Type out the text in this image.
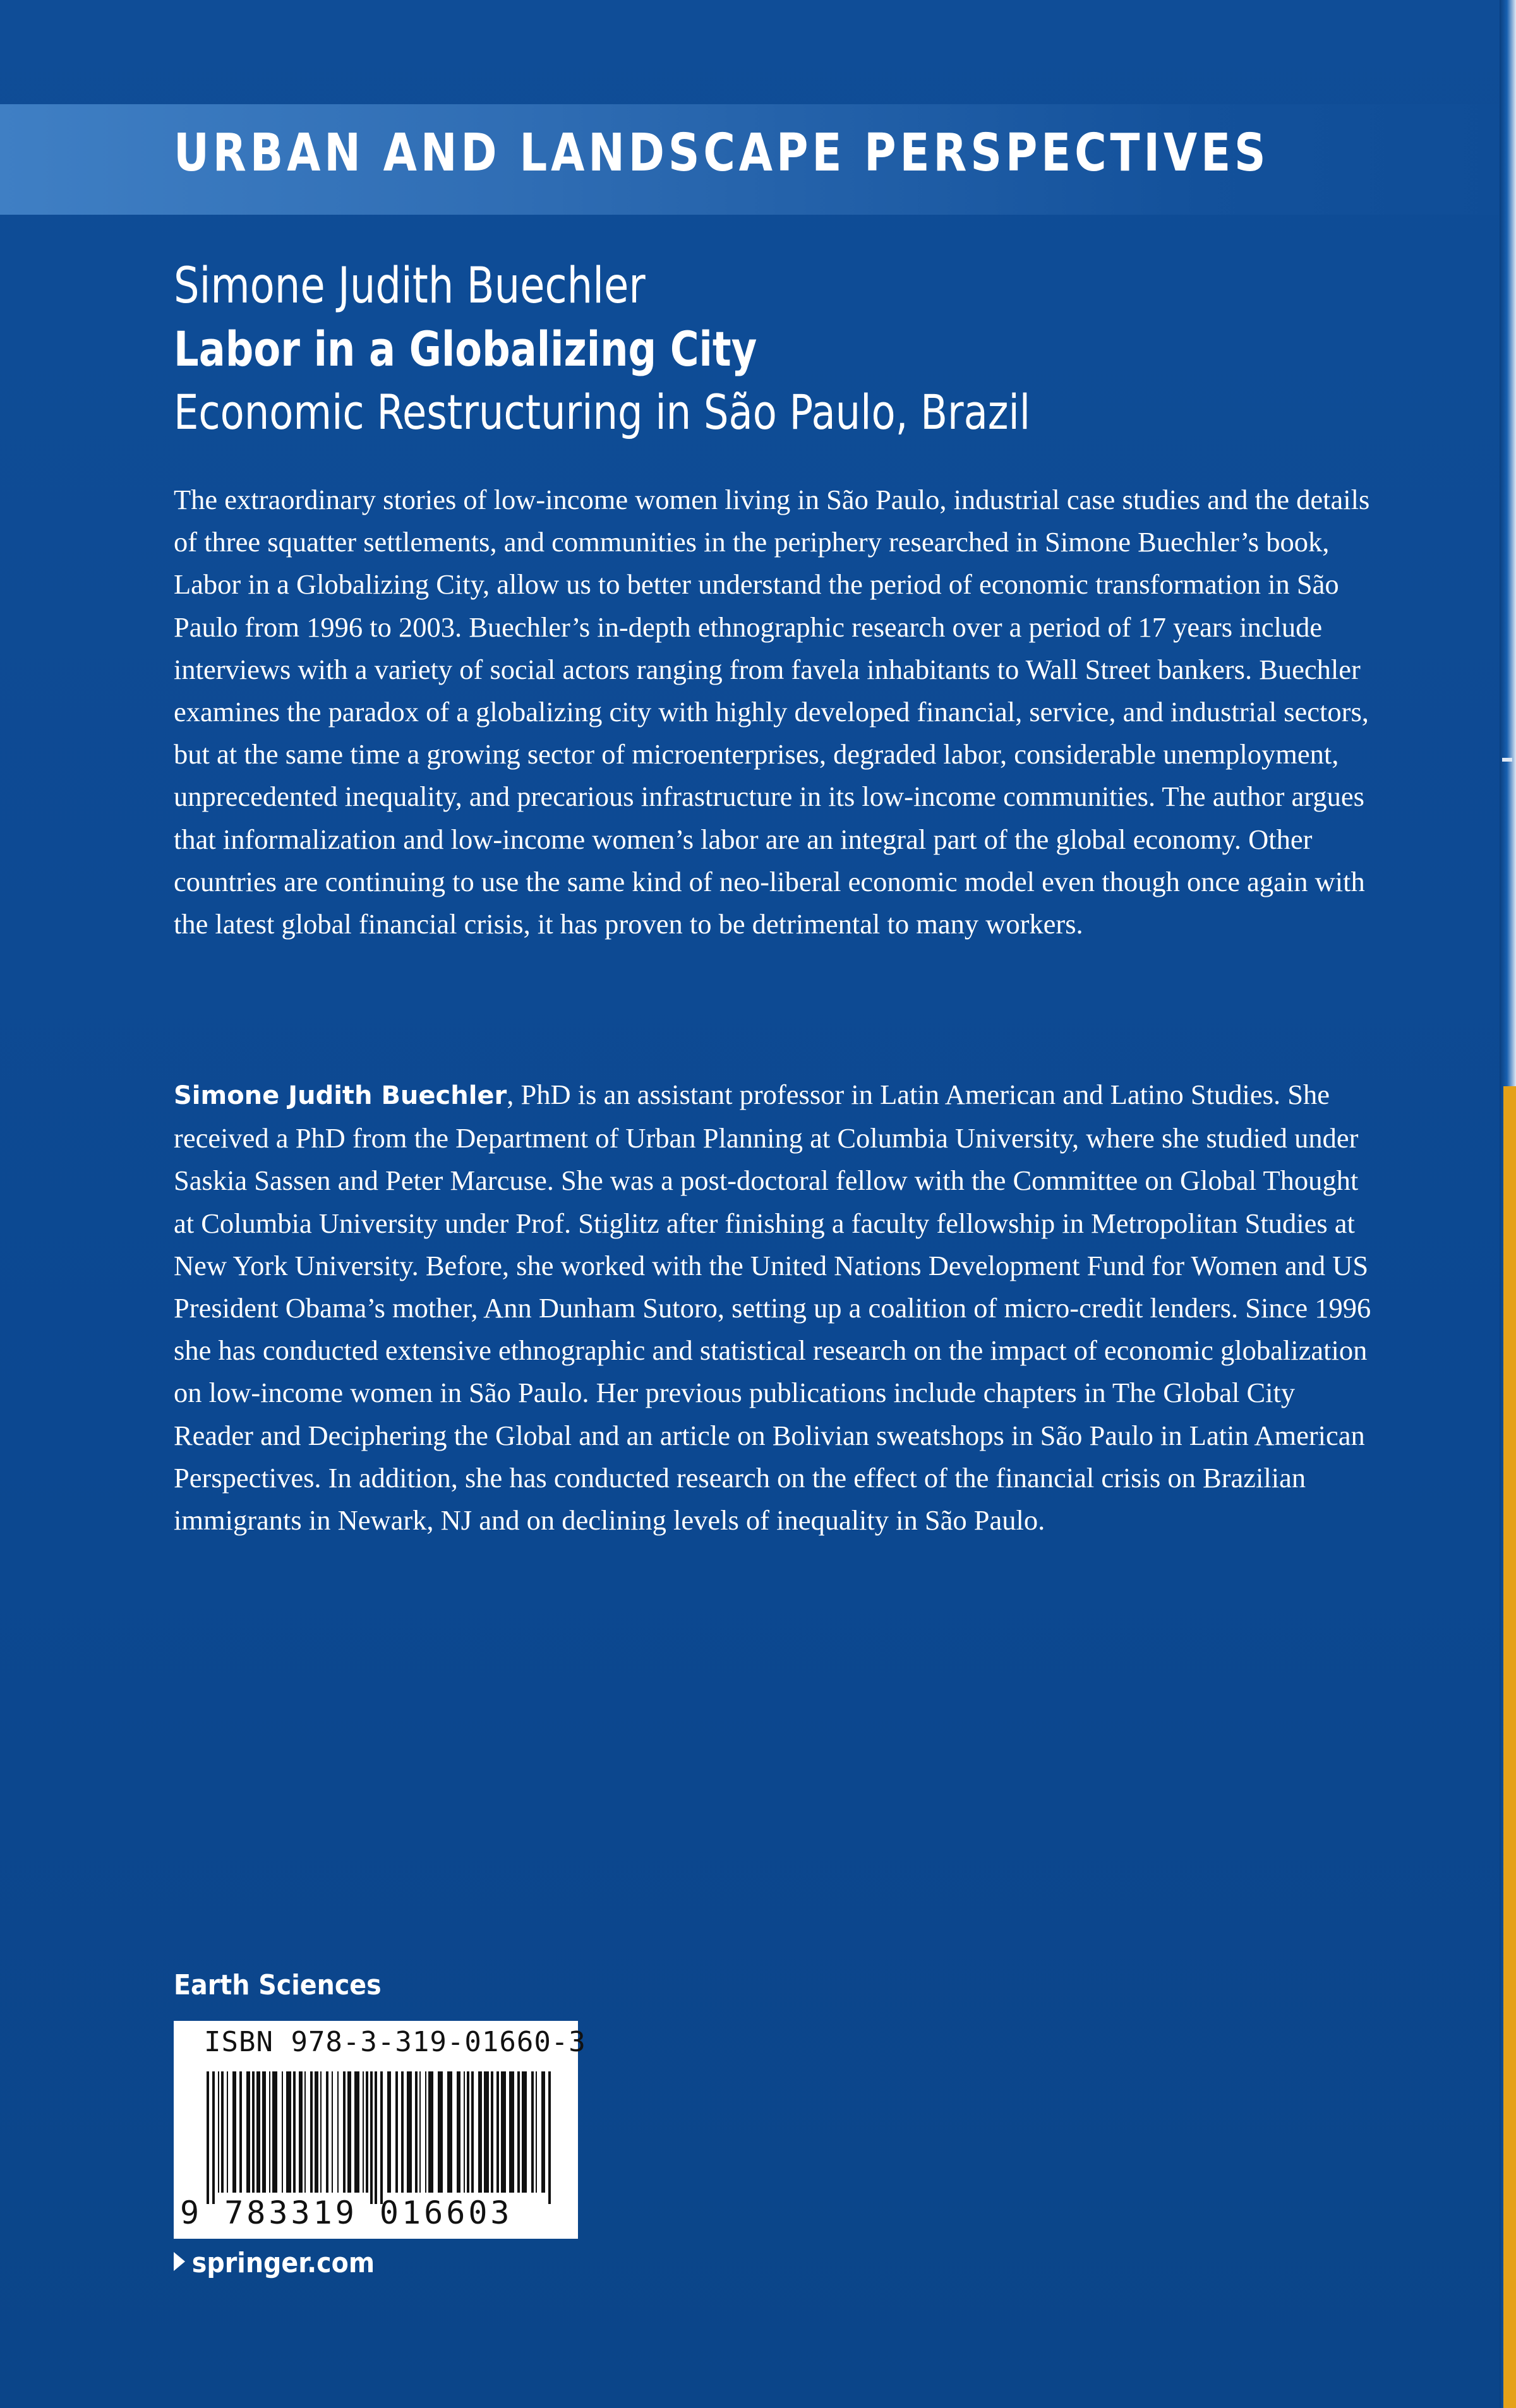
URBAN AND LANDSCAPE PERSPECTIVES
Simone Judith Buechler
Labor in a Globalizing City
Economic Restructuring in São Paulo, Brazil

The extraordinary stories of low-income women living in São Paulo, industrial case studies and the details of three squatter settlements, and communities in the periphery researched in Simone Buechler’s book, Labor in a Globalizing City, allow us to better understand the period of economic transformation in São Paulo from 1996 to 2003. Buechler’s in-depth ethnographic research over a period of 17 years include interviews with a variety of social actors ranging from favela inhabitants to Wall Street bankers. Buechler examines the paradox of a globalizing city with highly developed financial, service, and industrial sectors, but at the same time a growing sector of microenterprises, degraded labor, considerable unemployment, unprecedented inequality, and precarious infrastructure in its low-income communities. The author argues that informalization and low-income women’s labor are an integral part of the global economy. Other countries are continuing to use the same kind of neo-liberal economic model even though once again with the latest global financial crisis, it has proven to be detrimental to many workers.

Simone Judith Buechler, PhD is an assistant professor in Latin American and Latino Studies. She received a PhD from the Department of Urban Planning at Columbia University, where she studied under Saskia Sassen and Peter Marcuse. She was a post-doctoral fellow with the Committee on Global Thought at Columbia University under Prof. Stiglitz after finishing a faculty fellowship in Metropolitan Studies at New York University. Before, she worked with the United Nations Development Fund for Women and US President Obama’s mother, Ann Dunham Sutoro, setting up a coalition of micro-credit lenders. Since 1996 she has conducted extensive ethnographic and statistical research on the impact of economic globalization on low-income women in São Paulo. Her previous publications include chapters in The Global City Reader and Deciphering the Global and an article on Bolivian sweatshops in São Paulo in Latin American Perspectives. In addition, she has conducted research on the effect of the financial crisis on Brazilian immigrants in Newark, NJ and on declining levels of inequality in São Paulo.

Earth Sciences
ISBN 978-3-319-01660-3
9 783319 016603
springer.com
